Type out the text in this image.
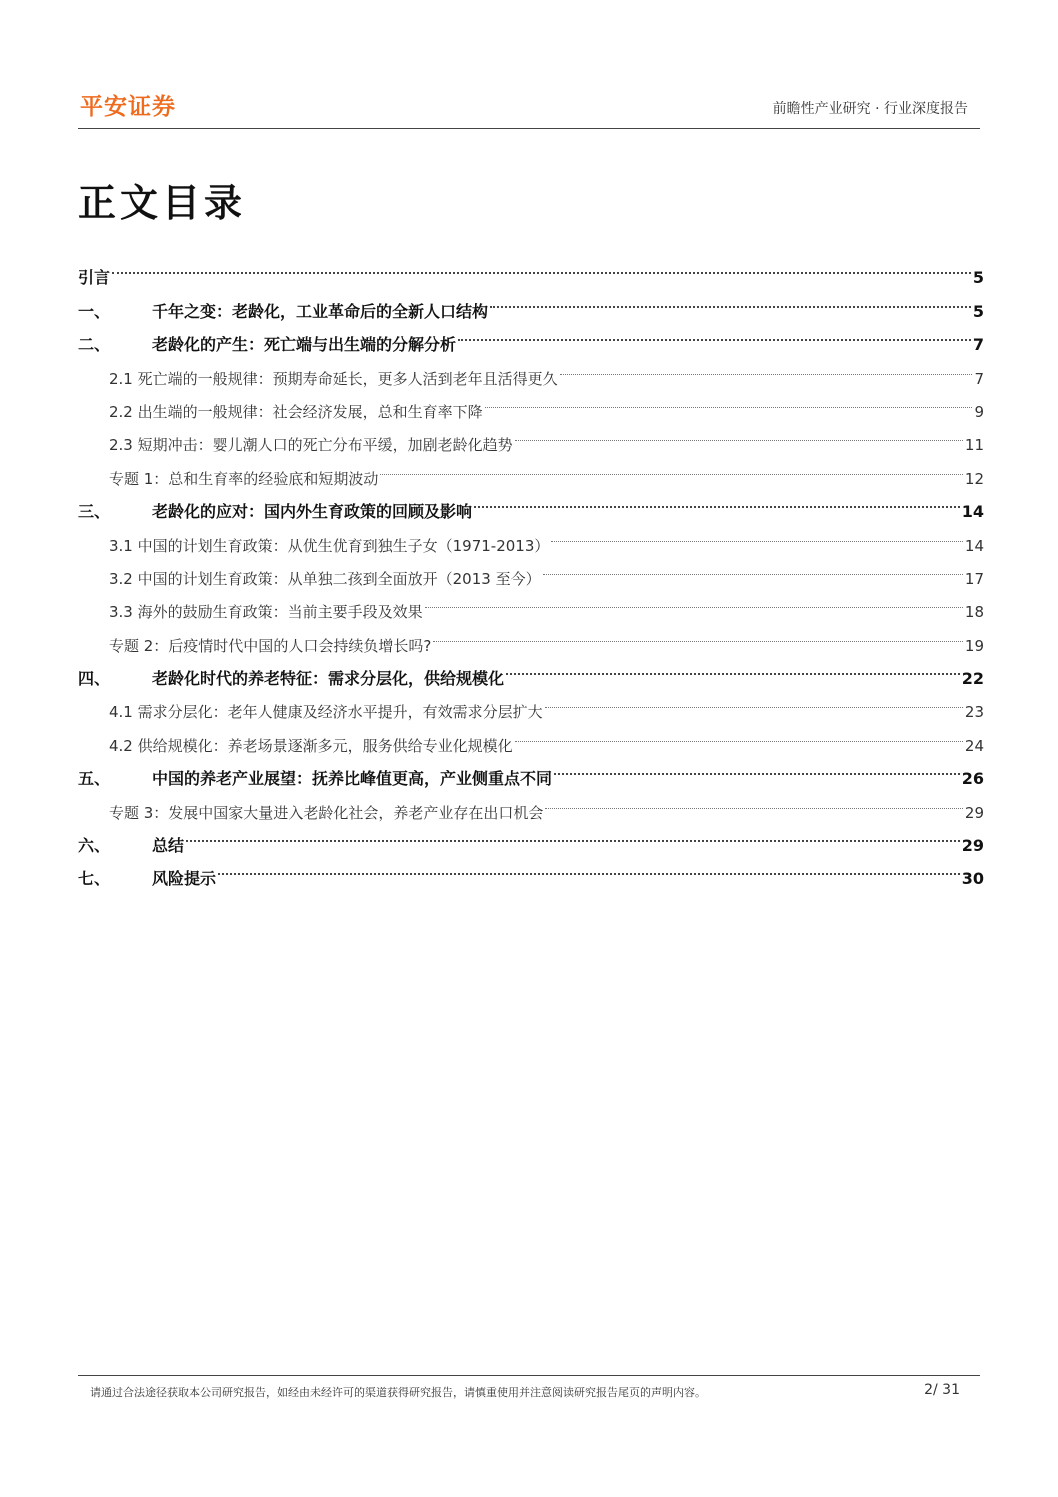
平安证券	前瞻性产业研究 · 行业深度报告
正文目录
引言	5
一、	千年之变：老龄化，工业革命后的全新人口结构	5
二、	老龄化的产生：死亡端与出生端的分解分析	7
2.1 死亡端的一般规律：预期寿命延长，更多人活到老年且活得更久	7
2.2 出生端的一般规律：社会经济发展，总和生育率下降	9
2.3 短期冲击：婴儿潮人口的死亡分布平缓，加剧老龄化趋势	11
专题 1：总和生育率的经验底和短期波动	12
三、	老龄化的应对：国内外生育政策的回顾及影响	14
3.1 中国的计划生育政策：从优生优育到独生子女（1971-2013）	14
3.2 中国的计划生育政策：从单独二孩到全面放开（2013 至今）	17
3.3 海外的鼓励生育政策：当前主要手段及效果	18
专题 2：后疫情时代中国的人口会持续负增长吗?	19
四、	老龄化时代的养老特征：需求分层化，供给规模化	22
4.1 需求分层化：老年人健康及经济水平提升，有效需求分层扩大	23
4.2 供给规模化：养老场景逐渐多元，服务供给专业化规模化	24
五、	中国的养老产业展望：抚养比峰值更高，产业侧重点不同	26
专题 3：发展中国家大量进入老龄化社会，养老产业存在出口机会	29
六、	总结	29
七、	风险提示	30
请通过合法途径获取本公司研究报告，如经由未经许可的渠道获得研究报告，请慎重使用并注意阅读研究报告尾页的声明内容。	2/ 31
